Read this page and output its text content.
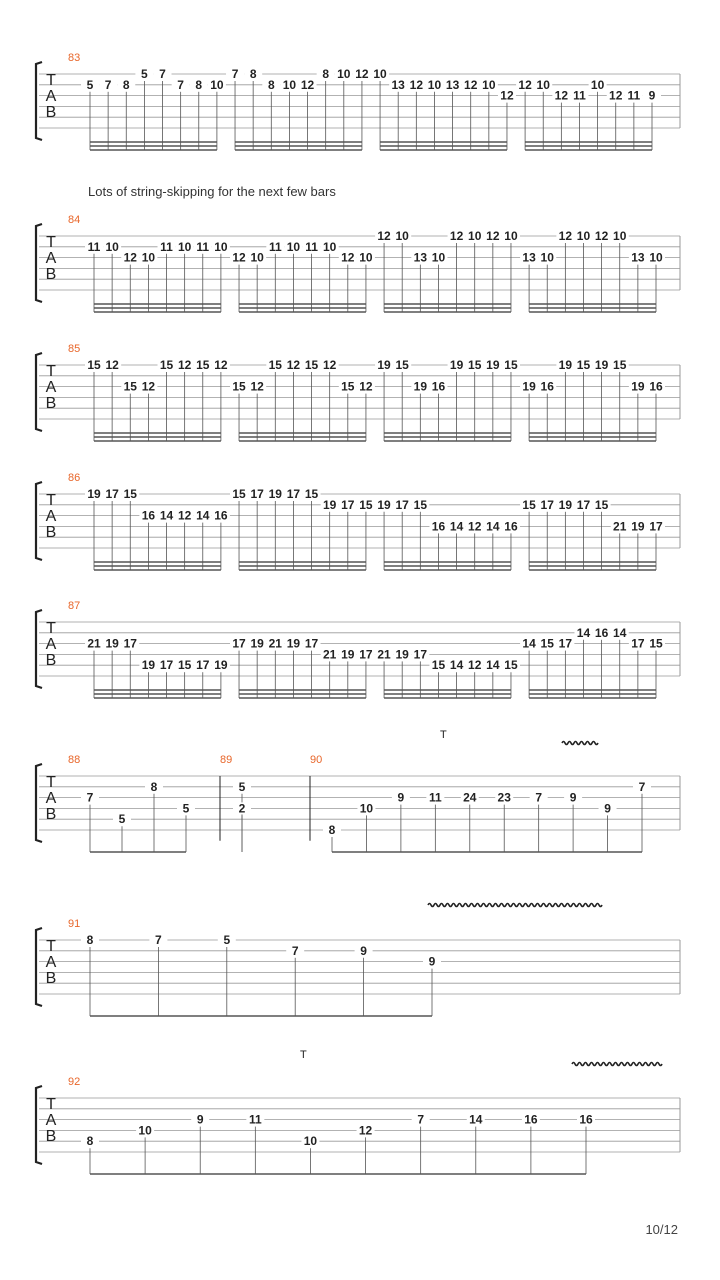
Lots of string-skipping for the next few bars
T
A
B
83
5 7 8
5 7
7 8 10
7 8
8 10 12
8 10 12 10
13 12 10 13 12 10
12
12 10
12 11
10
12 11 9
T
A
B
84
11 10
12 10
11 10 11 10
12 10
11 10 11 10
12 10
12 10
13 10
12 10 12 10
13 10
12 10 12 10
13 10
T
A
B
85
15 12
15 12
15 12 15 12
15 12
15 12 15 12
15 12
19 15
19 16
19 15 19 15
19 16
19 15 19 15
19 16
T
A
B
86
19 17 15
16 14 12 14 16
15 17 19 17 15
19 17 15 19 17 15
16 14 12 14 16
15 17 19 17 15
21 19 17
T
A
B
87
21 19 17
19 17 15 17 19
17 19 21 19 17
21 19 17 21 19 17
15 14 12 14 15
14 15 17
14 16 14
17 15
T
A
B
88
7
5
8
5
89
5
2
90
8
10
9 11 24 23 7 9
9
7
T
A
B
91
8	7	5
7	9
9
T
A
B
92
8
10
9	11
10
12
7	14	16	16
T
T
10/12
